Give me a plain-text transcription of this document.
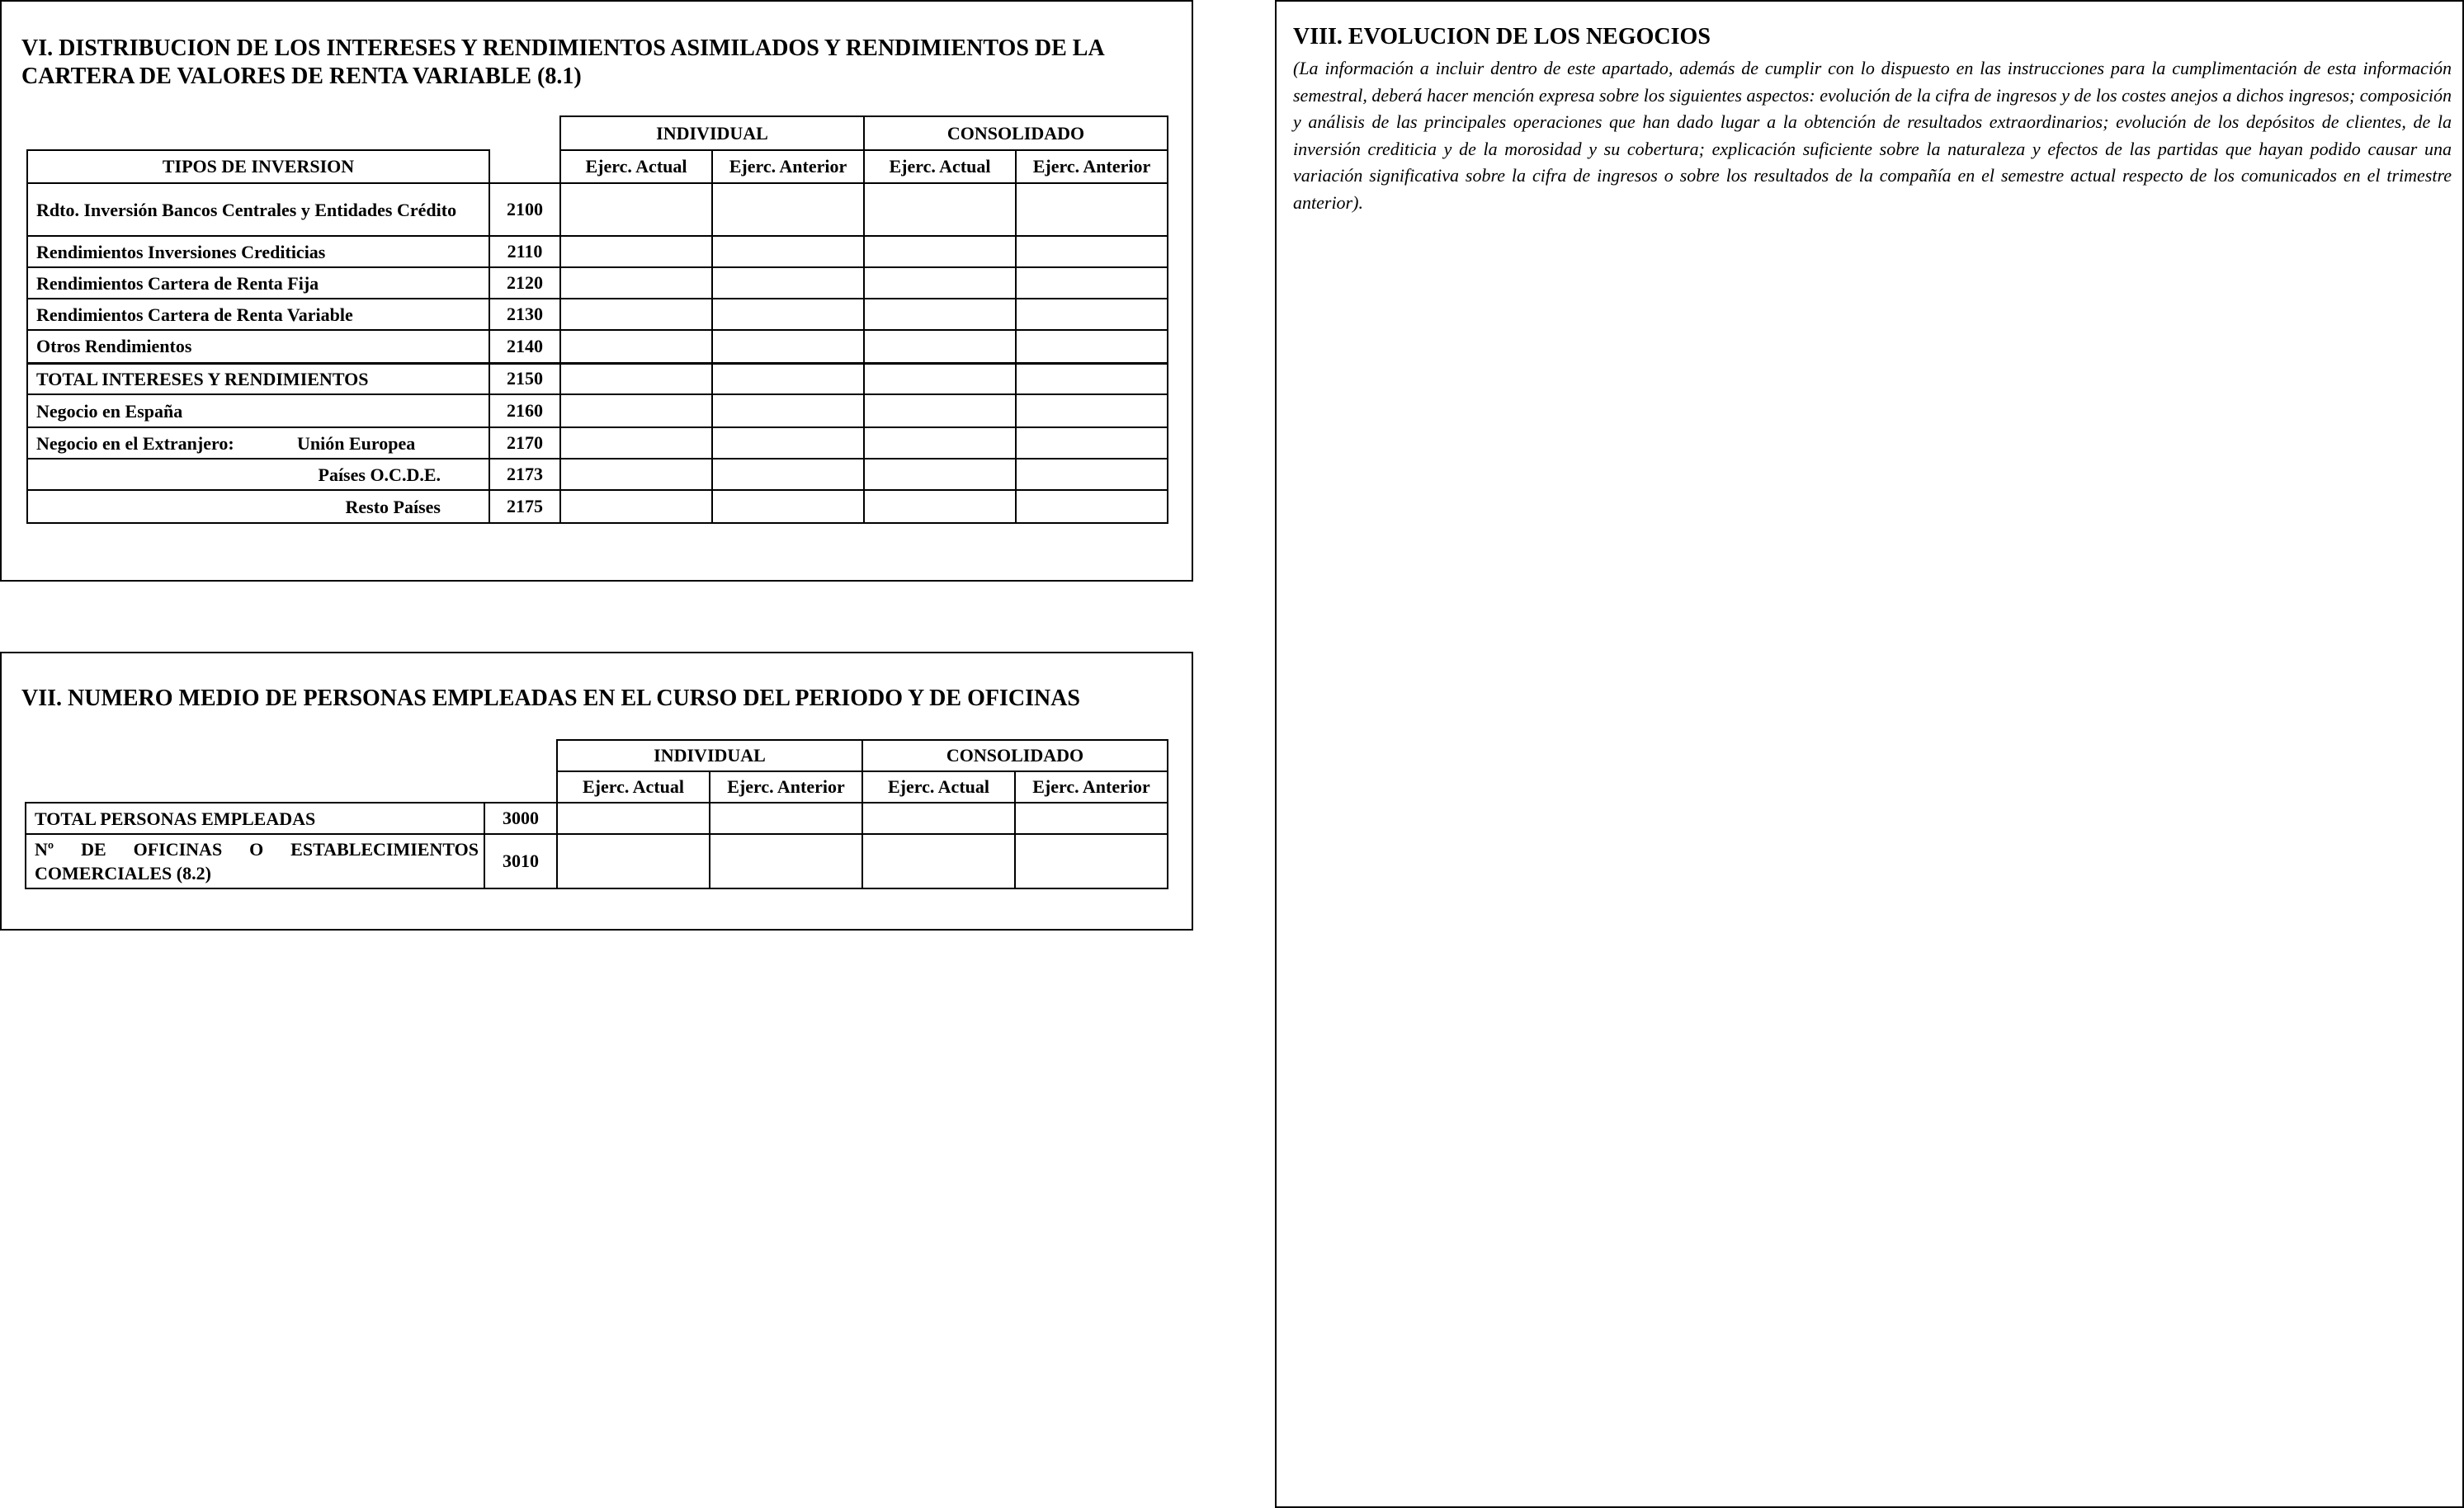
VI. DISTRIBUCION DE LOS INTERESES Y RENDIMIENTOS ASIMILADOS Y RENDIMIENTOS DE LA CARTERA DE VALORES DE RENTA VARIABLE (8.1)
		INDIVIDUAL		CONSOLIDADO	
TIPOS DE INVERSION		Ejerc. Actual	Ejerc. Anterior	Ejerc. Actual	Ejerc. Anterior
Rdto. Inversión Bancos Centrales y Entidades Crédito	2100				
Rendimientos Inversiones Crediticias	2110				
Rendimientos Cartera de Renta Fija	2120				
Rendimientos Cartera de Renta Variable	2130				
Otros Rendimientos	2140				
TOTAL INTERESES Y RENDIMIENTOS	2150				
Negocio en España	2160				
Negocio en el Extranjero: Unión Europea	2170				
Países O.C.D.E.	2173				
Resto Países	2175				
VII. NUMERO MEDIO DE PERSONAS EMPLEADAS EN EL CURSO DEL PERIODO Y DE OFICINAS
		INDIVIDUAL		CONSOLIDADO	
		Ejerc. Actual	Ejerc. Anterior	Ejerc. Actual	Ejerc. Anterior
TOTAL PERSONAS EMPLEADAS	3000				
Nº DE OFICINAS O ESTABLECIMIENTOS COMERCIALES (8.2)	3010				
VIII. EVOLUCION DE LOS NEGOCIOS

(La información a incluir dentro de este apartado, además de cumplir con lo dispuesto en las instrucciones para la cumplimentación de esta información semestral, deberá hacer mención expresa sobre los siguientes aspectos: evolución de la cifra de ingresos y de los costes anejos a dichos ingresos; composición y análisis de las principales operaciones que han dado lugar a la obtención de resultados extraordinarios; evolución de los depósitos de clientes, de la inversión crediticia y de la morosidad y su cobertura; explicación suficiente sobre la naturaleza y efectos de las partidas que hayan podido causar una variación significativa sobre la cifra de ingresos o sobre los resultados de la compañía en el semestre actual respecto de los comunicados en el trimestre anterior).
